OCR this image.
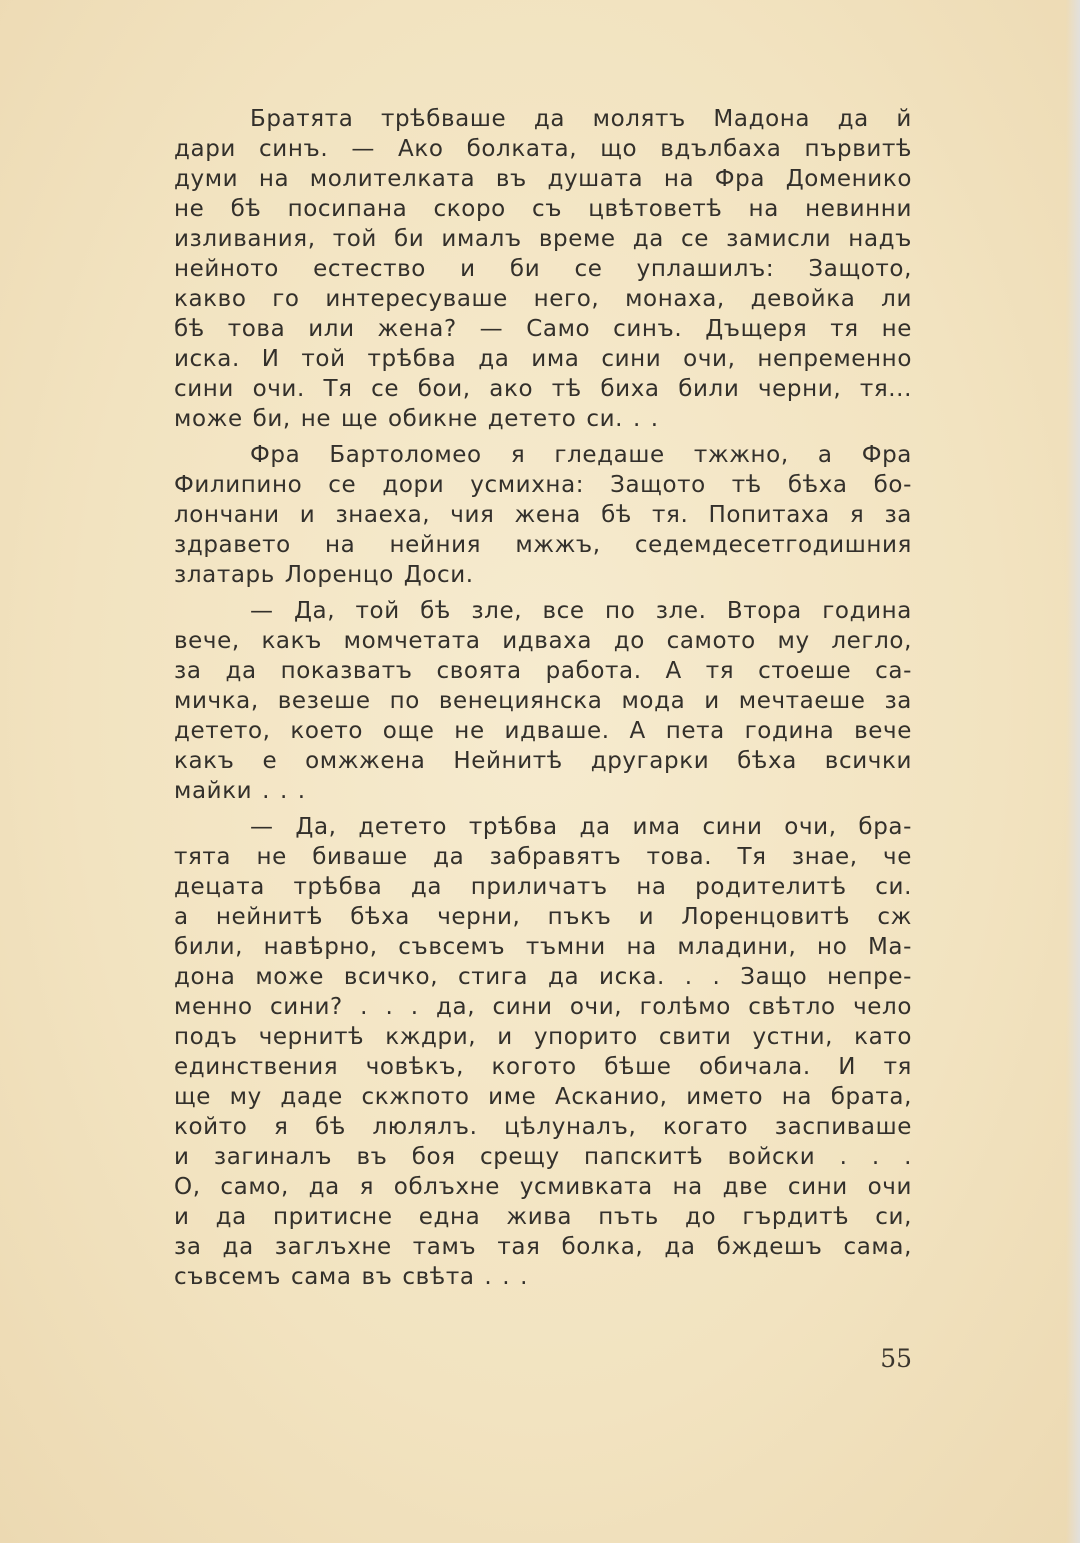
Братята трѣбваше да молятъ Мадона да й
дари синъ. — Ако болката, що вдълбаха първитѣ
думи на молителката въ душата на Фра Доменико
не бѣ посипана скоро съ цвѣтоветѣ на невинни
изливания, той би ималъ време да се замисли надъ
нейното естество и би се уплашилъ: Защото,
какво го интересуваше него, монаха, девойка ли
бѣ това или жена? — Само синъ. Дъщеря тя не
иска. И той трѣбва да има сини очи, непременно
сини очи. Тя се бои, ако тѣ биха били черни, тя...
може би, не ще обикне детето си. . .
Фра Бартоломео я гледаше тжжно, а Фра
Филипино се дори усмихна: Защото тѣ бѣха бо-
лончани и знаеха, чия жена бѣ тя. Попитаха я за
здравето на нейния мжжъ, седемдесетгодишния
златарь Лоренцо Доси.
— Да, той бѣ зле, все по зле. Втора година
вече, какъ момчетата идваха до самото му легло,
за да показватъ своята работа. А тя стоеше са-
мичка, везеше по венециянска мода и мечтаеше за
детето, което още не идваше. А пета година вече
какъ е омжжена Нейнитѣ другарки бѣха всички
майки . . .
— Да, детето трѣбва да има сини очи, бра-
тята не биваше да забравятъ това. Тя знае, че
децата трѣбва да приличатъ на родителитѣ си.
а нейнитѣ бѣха черни, пъкъ и Лоренцовитѣ сж
били, навѣрно, съвсемъ тъмни на младини, но Ма-
дона може всичко, стига да иска. . . Защо непре-
менно сини? . . . да, сини очи, голѣмо свѣтло чело
подъ чернитѣ кждри, и упорито свити устни, като
единствения човѣкъ, когото бѣше обичала. И тя
ще му даде скжпото име Асканио, името на брата,
който я бѣ люлялъ. цѣлуналъ, когато заспиваше
и загиналъ въ боя срещу папскитѣ войски . . .
О, само, да я облъхне усмивката на две сини очи
и да притисне една жива пъть до гърдитѣ си,
за да заглъхне тамъ тая болка, да бждешъ сама,
съвсемъ сама въ свѣта . . .
55
